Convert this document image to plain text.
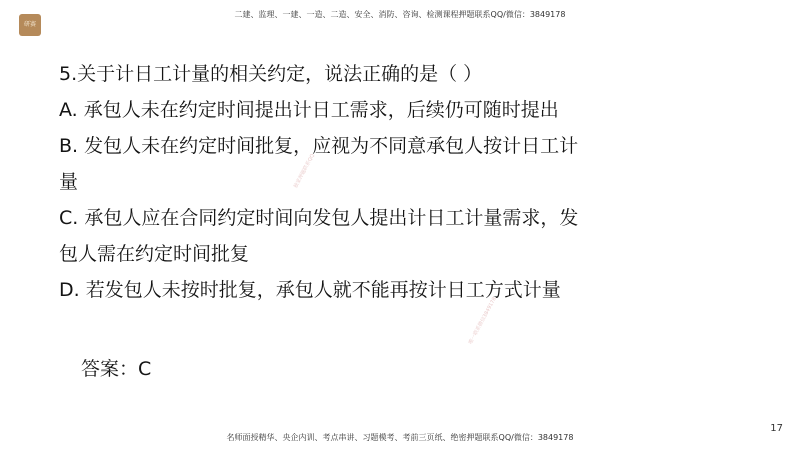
研赛
二建、监理、一建、一造、二造、安全、消防、咨询、检测课程押题联系QQ/微信：3849178
独家押题联系QQ
唯一联系微信3849178
5.关于计日工计量的相关约定，说法正确的是（ ）
A. 承包人未在约定时间提出计日工需求，后续仍可随时提出
B. 发包人未在约定时间批复，应视为不同意承包人按计日工计
量
C. 承包人应在合同约定时间向发包人提出计日工计量需求，发
包人需在约定时间批复
D. 若发包人未按时批复，承包人就不能再按计日工方式计量
答案：C
17
名师面授精华、央企内训、考点串讲、习题模考、考前三页纸、绝密押题联系QQ/微信：3849178
